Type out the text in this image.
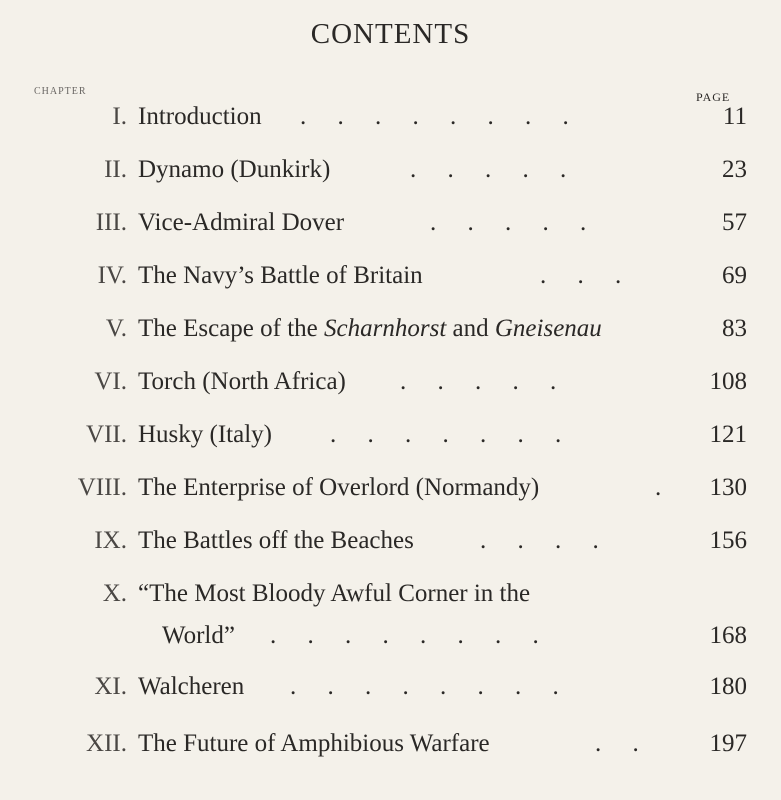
CONTENTS
CHAPTER	PAGE
I. Introduction .     .     .     .     .     .     .     .	11
II. Dynamo (Dunkirk)	.     .     .     .     .	23
III. Vice-Admiral Dover	.     .     .     .     .	57
IV. The Navy’s Battle of Britain	.     .     .	69
V. The Escape of the Scharnhorst and Gneisenau	83
VI. Torch (North Africa) .     .     .     .     .	108
VII. Husky (Italy) .     .     .     .     .     .     .	121
VIII. The Enterprise of Overlord (Normandy)	. 130
IX. The Battles off the Beaches	.     .     .     .	156
X. “The Most Bloody Awful Corner in the
World” .     .     .     .     .     .     .     .	168
XI. Walcheren .     .     .     .     .     .     .     .	180
XII. The Future of Amphibious Warfare	.     .	197
